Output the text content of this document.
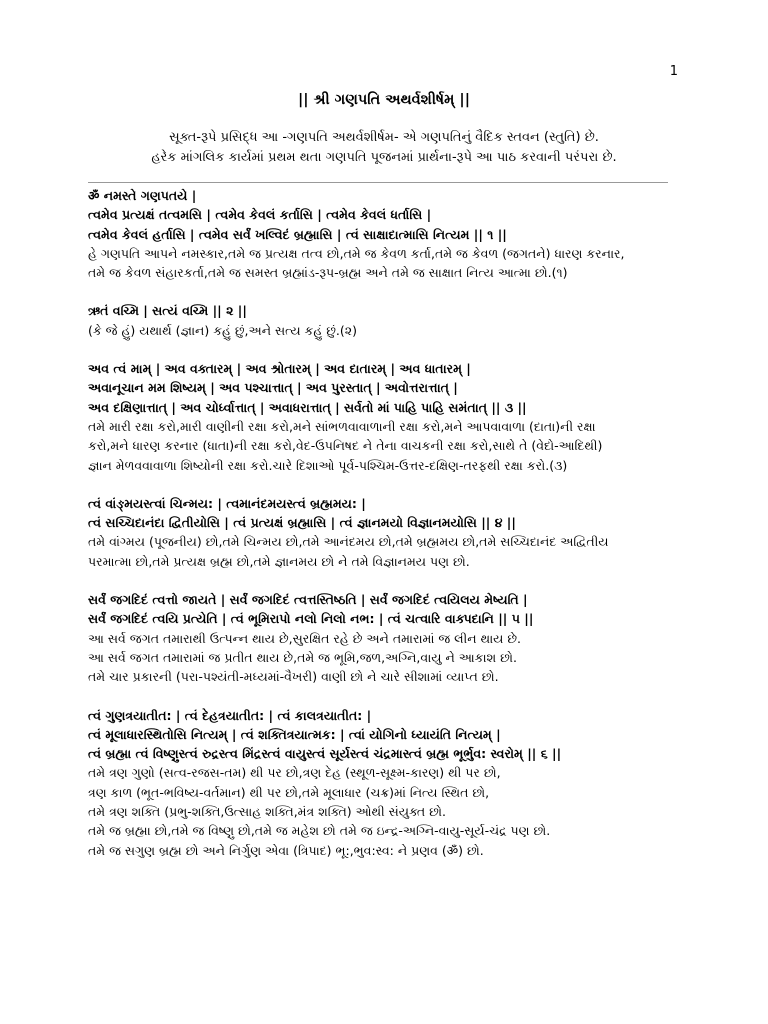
1
|| શ્રી ગણપતિ અથર્વશીર્ષમ્ ||
સૂક્ત-રૂપે પ્રસિદ્ધ આ -ગણપતિ અથર્વશીર્ષમ- એ ગણપતિનું વૈદિક સ્તવન (સ્તુતિ) છે.
હરેક માંગલિક કાર્યમાં પ્રથમ થતા ગણપતિ પૂજનમાં પ્રાર્થના-રૂપે આ પાઠ કરવાની પરંપરા છે.
ॐ નમસ્તે ગણપતયે |
ત્વમેવ પ્રત્યક્ષં તત્વમસિ | ત્વમેવ કેવલં કર્તાસિ | ત્વમેવ કેવલં ધર્તાસિ |
ત્વમેવ કેવલં હર્તાસિ | ત્વમેવ સર્વં ખલ્વિદં બ્રહ્માસિ | ત્વં સાક્ષાદાત્માસિ નિત્યમ || ૧ ||
હે ગણપતિ આપને નમસ્કાર,તમે જ પ્રત્યક્ષ તત્વ છો,તમે જ કેવળ કર્તા,તમે જ કેવળ (જગતને) ધારણ કરનાર,
તમે જ કેવળ સંહારકર્તા,તમે જ સમસ્ત બ્રહ્માંડ-રૂપ-બ્રહ્મ અને તમે જ સાક્ષાત નિત્ય આત્મા છો.(૧)
ઋતં વચ્મિ | સત્યં વચ્મિ || ૨ ||
(કે જે હું) યથાર્થ (જ્ઞાન) કહું છું,અને સત્ય કહું છું.(૨)
અવ ત્વં મામ્ | અવ વક્તારમ્ | અવ શ્રોતારમ્ | અવ દાતારમ્ | અવ ધાતારમ્ |
અવાનૂચાન મમ શિષ્યમ્ | અવ પશ્ચાત્તાત્ | અવ પુરસ્તાત્ | અવોત્તરાત્તાત્ |
અવ દક્ષિણાત્તાત્ | અવ ચોર્ધ્વાત્તાત્ | અવાધરાત્તાત્ | સર્વતો માં પાહિ પાહિ સમંતાત્ || ૩ ||
તમે મારી રક્ષા કરો,મારી વાણીની રક્ષા કરો,મને સાંભળવાવાળાની રક્ષા કરો,મને આપવાવાળા (દાતા)ની રક્ષા
કરો,મને ધારણ કરનાર (ધાતા)ની રક્ષા કરો,વેદ-ઉપનિષદ ને તેના વાચકની રક્ષા કરો,સાથે તે (વેદો-આદિથી)
જ્ઞાન મેળવવાવાળા શિષ્યોની રક્ષા કરો.ચારે દિશાઓ પૂર્વ-પશ્ચિમ-ઉત્તર-દક્ષિણ-તરફથી રક્ષા કરો.(૩)
ત્વં વાંઙ્મયસ્ત્વાં ચિન્મય: | ત્વમાનંદમયસ્ત્વં બ્રહ્મમય: |
ત્વં સચ્ચિદાનંદા દ્વિતીયોસિ | ત્વં પ્રત્યક્ષં બ્રહ્માસિ | ત્વં જ્ઞાનમયો વિજ્ઞાનમયોસિ || ૪ ||
તમે વાંગ્મય (પૂજનીય) છો,તમે ચિન્મય છો,તમે આનંદમય છો,તમે બ્રહ્મમય છો,તમે સચ્ચિદાનંદ અદ્વિતીય
પરમાત્મા છો,તમે પ્રત્યક્ષ બ્રહ્મ છો,તમે જ્ઞાનમય છો ને તમે વિજ્ઞાનમય પણ છો.
સર્વં જગદિદં ત્વત્તો જાયતે | સર્વં જગદિદં ત્વત્તસ્તિષ્ઠતિ | સર્વં જગદિદં ત્વયિલય મેષ્યતિ |
સર્વં જગદિદં ત્વયિ પ્રત્યેતિ | ત્વં ભૂમિરાપો નલો નિલો નભ: | ત્વં ચત્વારિ વાક્પદાનિ || ૫ ||
આ સર્વ જગત તમારાથી ઉત્પન્ન થાય છે,સુરક્ષિત રહે છે અને તમારામાં જ લીન થાય છે.
આ સર્વ જગત તમારામાં જ પ્રતીત થાય છે,તમે જ ભૂમિ,જળ,અગ્નિ,વાયુ ને આકાશ છો.
તમે ચાર પ્રકારની (પરા-પશ્યંતી-મધ્યમાં-વૈખરી) વાણી છો ને ચારે સીશામાં વ્યાપ્ત છો.
ત્વં ગુણત્રયાતીત: | ત્વં દેહત્રયાતીત: | ત્વં કાલત્રયાતીત: |
ત્વં મૂલાધારસ્થિતોસિ નિત્યમ્ | ત્વં શક્તિત્રયાત્મક: | ત્વાં યોગિનો ધ્યાયંતિ નિત્યમ્ |
ત્વં બ્રહ્મા ત્વં વિષ્ણુસ્ત્વં રુદ્રસ્ત્વ મિંદ્રસ્ત્વં વાયુસ્ત્વં સૂર્યસ્ત્વં ચંદ્રમાસ્ત્વં બ્રહ્મ ભૂર્ભુવ: સ્વરોમ્ || ૬ ||
તમે ત્રણ ગુણો (સત્વ-રજસ-તમ) થી પર છો,ત્રણ દેહ (સ્થૂળ-સૂક્ષ્મ-કારણ) થી પર છો,
ત્રણ કાળ (ભૂત-ભવિષ્ય-વર્તમાન) થી પર છો,તમે મૂલાધાર (ચક્ર)માં નિત્ય સ્થિત છો,
તમે ત્રણ શક્તિ (પ્રભુ-શક્તિ,ઉત્સાહ શક્તિ,મંત્ર શક્તિ) ઓથી સંયુક્ત છો.
તમે જ બ્રહ્મા છો,તમે જ વિષ્ણુ છો,તમે જ મહેશ છો તમે જ ઇન્દ્ર-અગ્નિ-વાયુ-સૂર્ય-ચંદ્ર પણ છો.
તમે જ સગુણ બ્રહ્મ છો અને નિર્ગુણ એવા (ત્રિપાદ) ભૂ:,ભુવ:સ્વ: ને પ્રણવ (ॐ) છો.
